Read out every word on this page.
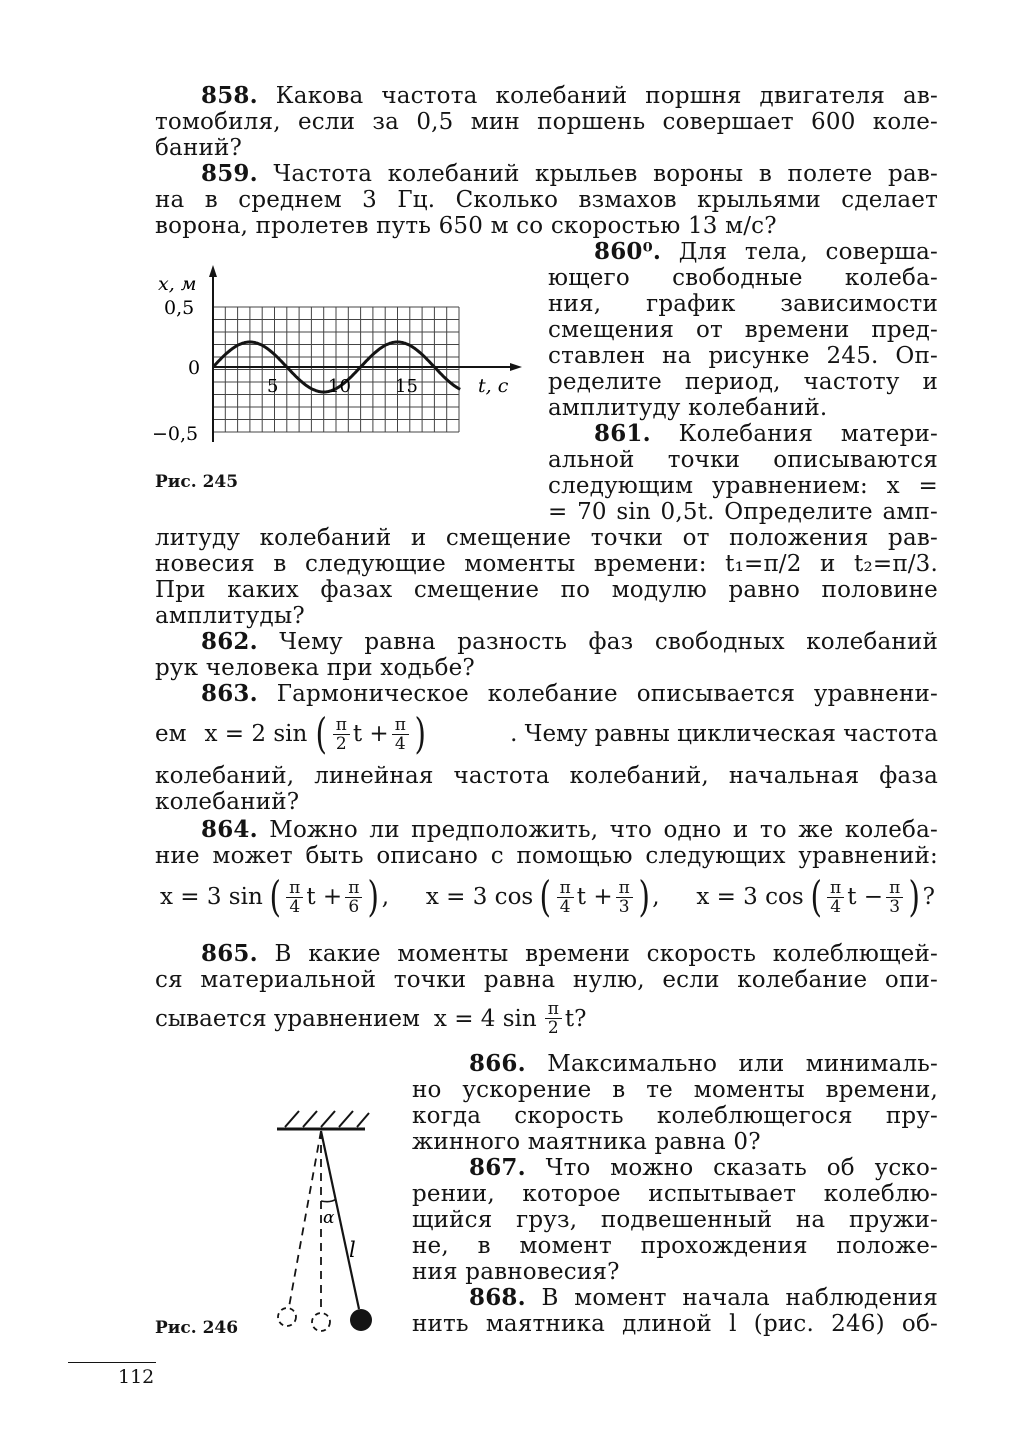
858. Какова частота колебаний поршня двигателя ав-
томобиля, если за 0,5 мин поршень совершает 600 коле-
баний?
859. Частота колебаний крыльев вороны в полете рав-
на в среднем 3 Гц. Сколько взмахов крыльями сделает
ворона, пролетев путь 650 м со скоростью 13 м/с?
860⁰. Для тела, соверша-
ющего свободные колеба-
ния, график зависимости
смещения от времени пред-
ставлен на рисунке 245. Оп-
ределите период, частоту и
амплитуду колебаний.
861. Колебания матери-
альной точки описываются
следующим уравнением: x =
= 70 sin 0,5t. Определите амп-
литуду колебаний и смещение точки от положения рав-
новесия в следующие моменты времени: t₁=π/2 и t₂=π/3.
При каких фазах смещение по модулю равно половине
амплитуды?
862. Чему равна разность фаз свободных колебаний
рук человека при ходьбе?
863. Гармоническое колебание описывается уравнени-
ем x = 2 sin ( $\frac{\pi}{2}$ $t + \frac{\pi}{4}$ )	. Чему равны циклическая частота
колебаний, линейная частота колебаний, начальная фаза
колебаний?
864. Можно ли предположить, что одно и то же колеба-
ние может быть описано с помощью следующих уравнений:
x = 3 sin ( $\frac{\pi}{4}$ $t + \frac{\pi}{6}$ ) , x = 3 cos ( $\frac{\pi}{4}$ $t + \frac{\pi}{3}$ ) , x = 3 cos ( $\frac{\pi}{4}$ $t - \frac{\pi}{3}$ ) ?
865. В какие моменты времени скорость колеблющей-
ся материальной точки равна нулю, если колебание опи-
сывается уравнением x = 4 $\sin \frac{\pi}{2} t$?
866. Максимально или минималь-
но ускорение в те моменты времени,
когда скорость колеблющегося пру-
жинного маятника равна 0?
867. Что можно сказать об уско-
рении, которое испытывает колеблю-
щийся груз, подвешенный на пружи-
не, в момент прохождения положе-
ния равновесия?
868. В момент начала наблюдения
нить маятника длиной l (рис. 246) об-
x, м
0,5
0
−0,5
5	10 15	t, с
Рис. 245
α
l
Рис. 246
112
